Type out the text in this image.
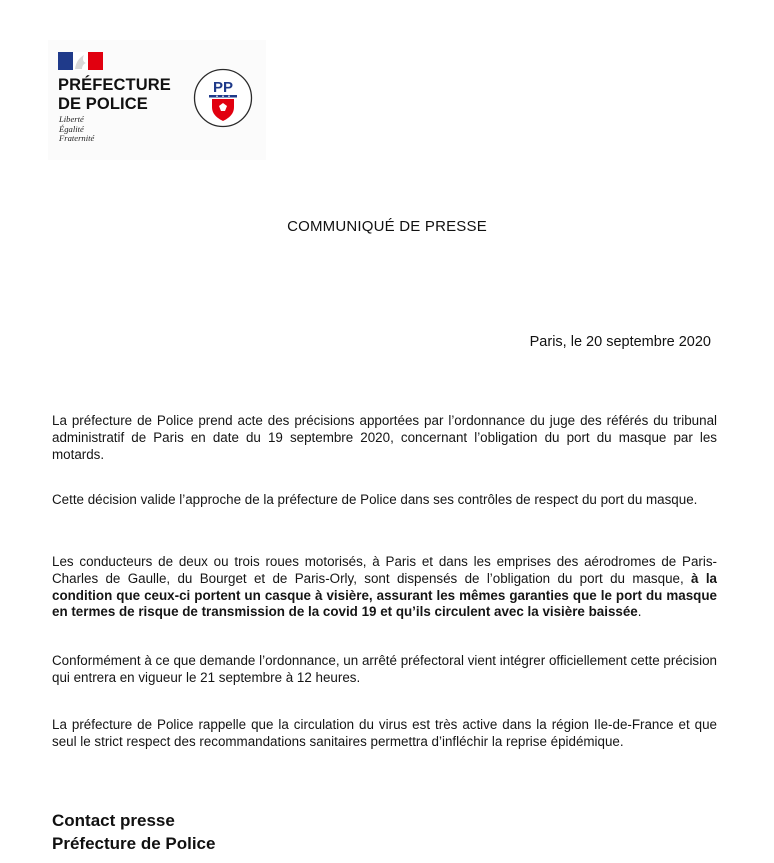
PRÉFECTURE
DE POLICE
Liberté
Égalité
Fraternité
PP
COMMUNIQUÉ DE PRESSE
Paris, le 20 septembre 2020
La préfecture de Police prend acte des précisions apportées par l’ordonnance du juge des référés du tribunal administratif de Paris en date du 19 septembre 2020, concernant l’obligation du port du masque par les motards.
Cette décision valide l’approche de la préfecture de Police dans ses contrôles de respect du port du masque.
Les conducteurs de deux ou trois roues motorisés, à Paris et dans les emprises des aérodromes de Paris-Charles de Gaulle, du Bourget et de Paris-Orly, sont dispensés de l’obligation du port du masque, à la condition que ceux-ci portent un casque à visière, assurant les mêmes garanties que le port du masque en termes de risque de transmission de la covid 19 et qu’ils circulent avec la visière baissée.
Conformément à ce que demande l’ordonnance, un arrêté préfectoral vient intégrer officiellement cette précision qui entrera en vigueur le 21 septembre à 12 heures.
La préfecture de Police rappelle que la circulation du virus est très active dans la région Ile-de-France et que seul le strict respect des recommandations sanitaires permettra d’infléchir la reprise épidémique.
Contact presse
Préfecture de Police
